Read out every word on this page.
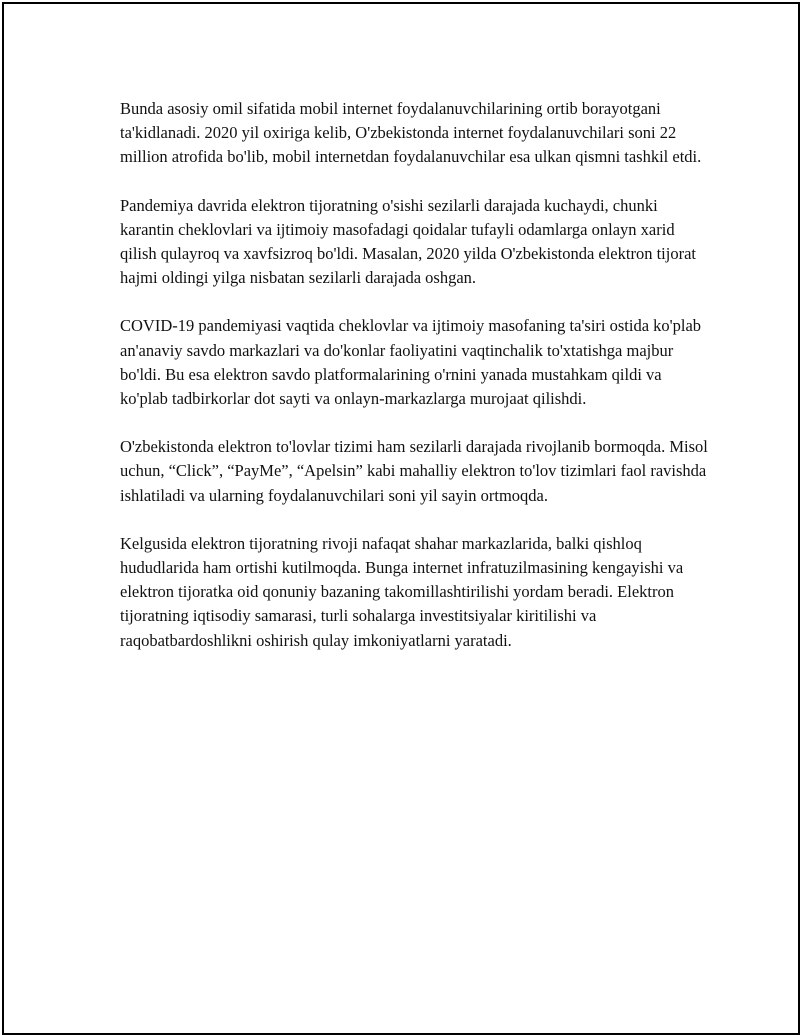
Bunda asosiy omil sifatida mobil internet foydalanuvchilarining ortib borayotgani ta'kidlanadi. 2020 yil oxiriga kelib, O'zbekistonda internet foydalanuvchilari soni 22 million atrofida bo'lib, mobil internetdan foydalanuvchilar esa ulkan qismni tashkil etdi.

Pandemiya davrida elektron tijoratning o'sishi sezilarli darajada kuchaydi, chunki karantin cheklovlari va ijtimoiy masofadagi qoidalar tufayli odamlarga onlayn xarid qilish qulayroq va xavfsizroq bo'ldi. Masalan, 2020 yilda O'zbekistonda elektron tijorat hajmi oldingi yilga nisbatan sezilarli darajada oshgan.

COVID-19 pandemiyasi vaqtida cheklovlar va ijtimoiy masofaning ta'siri ostida ko'plab an'anaviy savdo markazlari va do'konlar faoliyatini vaqtinchalik to'xtatishga majbur bo'ldi. Bu esa elektron savdo platformalarining o'rnini yanada mustahkam qildi va ko'plab tadbirkorlar dot sayti va onlayn-markazlarga murojaat qilishdi.

O'zbekistonda elektron to'lovlar tizimi ham sezilarli darajada rivojlanib bormoqda. Misol uchun, “Click”, “PayMe”, “Apelsin” kabi mahalliy elektron to'lov tizimlari faol ravishda ishlatiladi va ularning foydalanuvchilari soni yil sayin ortmoqda.

Kelgusida elektron tijoratning rivoji nafaqat shahar markazlarida, balki qishloq hududlarida ham ortishi kutilmoqda. Bunga internet infratuzilmasining kengayishi va elektron tijoratka oid qonuniy bazaning takomillashtirilishi yordam beradi. Elektron tijoratning iqtisodiy samarasi, turli sohalarga investitsiyalar kiritilishi va raqobatbardoshlikni oshirish qulay imkoniyatlarni yaratadi.
